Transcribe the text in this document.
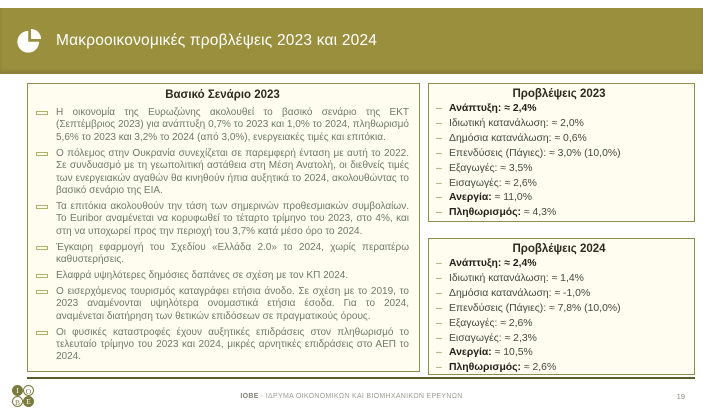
Μακροοικονομικές προβλέψεις 2023 και 2024
Βασικό Σενάριο 2023
Η οικονομία της Ευρωζώνης ακολουθεί το βασικό σενάριο της ΕΚΤ (Σεπτέμβριος 2023) για ανάπτυξη 0,7% το 2023 και 1,0% το 2024, πληθωρισμό 5,6% το 2023 και 3,2% το 2024 (από 3,0%), ενεργειακές τιμές και επιτόκια.
Ο πόλεμος στην Ουκρανία συνεχίζεται σε παρεμφερή ένταση με αυτή το 2022. Σε συνδυασμό με τη γεωπολιτική αστάθεια στη Μέση Ανατολή, οι διεθνείς τιμές των ενεργειακών αγαθών θα κινηθούν ήπια αυξητικά το 2024, ακολουθώντας το βασικό σενάριο της ΕΙΑ.
Τα επιτόκια ακολουθούν την τάση των σημερινών προθεσμιακών συμβολαίων. Το Euribor αναμένεται να κορυφωθεί το τέταρτο τρίμηνο του 2023, στο 4%, και στη να υποχωρεί προς την περιοχή του 3,7% κατά μέσο όρο το 2024.
Έγκαιρη εφαρμογή του Σχεδίου «Ελλάδα 2.0» το 2024, χωρίς περαιτέρω καθυστερήσεις.
Ελαφρά υψηλότερες δημόσιες δαπάνες σε σχέση με τον ΚΠ 2024.
Ο εισερχόμενος τουρισμός καταγράφει ετήσια άνοδο. Σε σχέση με το 2019, το 2023 αναμένονται υψηλότερα ονομαστικά ετήσια έσοδα. Για το 2024, αναμένεται διατήρηση των θετικών επιδόσεων σε πραγματικούς όρους.
Οι φυσικές καταστροφές έχουν αυξητικές επιδράσεις στον πληθωρισμό το τελευταίο τρίμηνο του 2023 και 2024, μικρές αρνητικές επιδράσεις στο ΑΕΠ το 2024.
Προβλέψεις 2023
‒ Ανάπτυξη: ≈ 2,4%
‒ Ιδιωτική κατανάλωση: ≈ 2,0%
‒ Δημόσια κατανάλωση: ≈ 0,6%
‒ Επενδύσεις (Πάγιες): ≈ 3,0% (10,0%)
‒ Εξαγωγές: ≈ 3,5%
‒ Εισαγωγές: ≈ 2,6%
‒ Ανεργία: ≈ 11,0%
‒ Πληθωρισμός: ≈ 4,3%
Προβλέψεις 2024
‒ Ανάπτυξη: ≈ 2,4%
‒ Ιδιωτική κατανάλωση: ≈ 1,4%
‒ Δημόσια κατανάλωση: ≈ -1,0%
‒ Επενδύσεις (Πάγιες): ≈ 7,8% (10,0%)
‒ Εξαγωγές: ≈ 2,6%
‒ Εισαγωγές: ≈ 2,3%
‒ Ανεργία: ≈ 10,5%
‒ Πληθωρισμός: ≈ 2,6%
I O
B E
ΙΟΒΕ - ΙΔΡΥΜΑ ΟΙΚΟΝΟΜΙΚΩΝ ΚΑΙ ΒΙΟΜΗΧΑΝΙΚΩΝ ΕΡΕΥΝΩΝ	19
